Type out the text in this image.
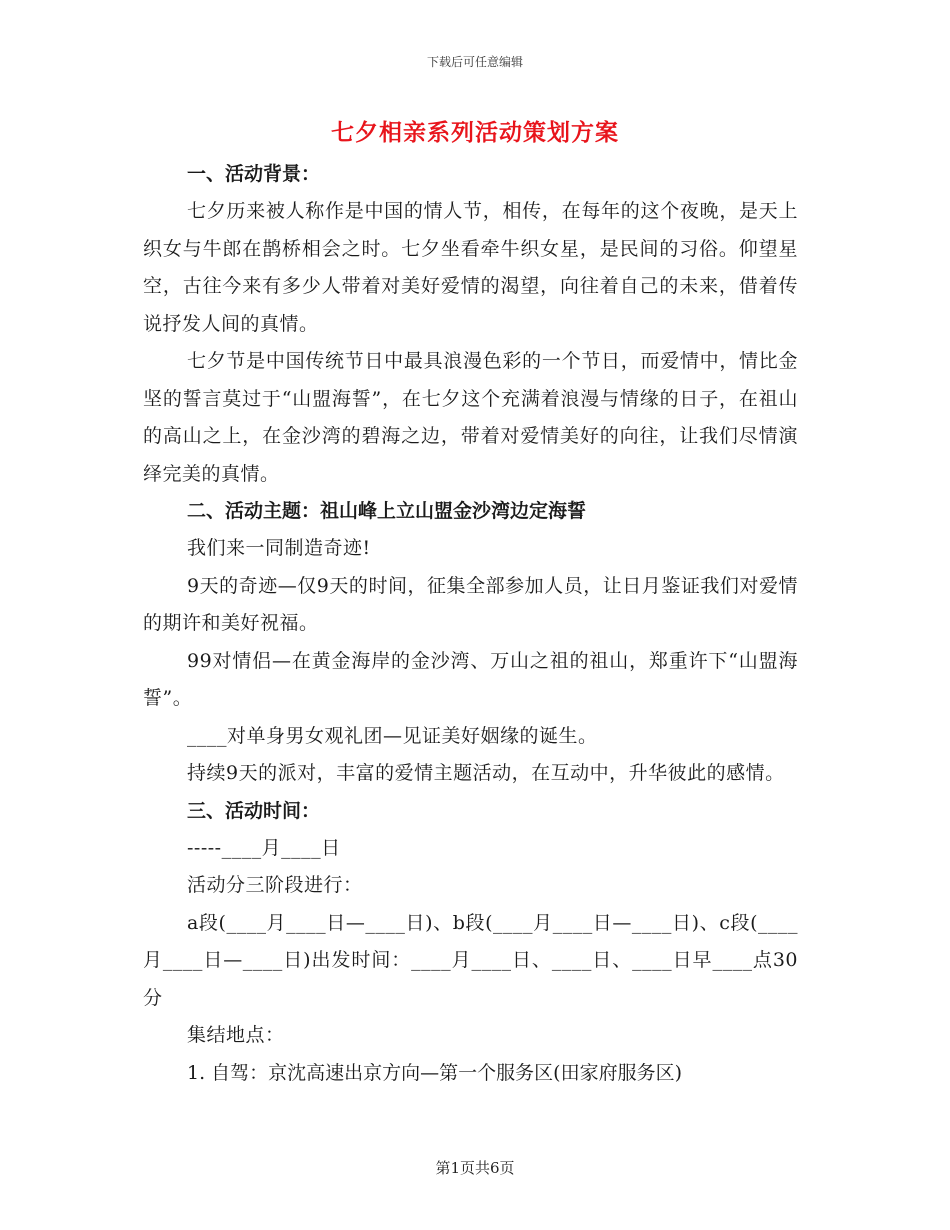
下载后可任意编辑
七夕相亲系列活动策划方案

一、活动背景：

七夕历来被人称作是中国的情人节，相传，在每年的这个夜晚，是天上织女与牛郎在鹊桥相会之时。七夕坐看牵牛织女星，是民间的习俗。仰望星空，古往今来有多少人带着对美好爱情的渴望，向往着自己的未来，借着传说抒发人间的真情。

七夕节是中国传统节日中最具浪漫色彩的一个节日，而爱情中，情比金坚的誓言莫过于“山盟海誓”，在七夕这个充满着浪漫与情缘的日子，在祖山的高山之上，在金沙湾的碧海之边，带着对爱情美好的向往，让我们尽情演绎完美的真情。

二、活动主题：祖山峰上立山盟金沙湾边定海誓

我们来一同制造奇迹!

9天的奇迹—仅9天的时间，征集全部参加人员，让日月鉴证我们对爱情的期许和美好祝福。

99对情侣—在黄金海岸的金沙湾、万山之祖的祖山，郑重许下“山盟海誓”。

____对单身男女观礼团—见证美好姻缘的诞生。

持续9天的派对，丰富的爱情主题活动，在互动中，升华彼此的感情。

三、活动时间：

-----____月____日

活动分三阶段进行：

a段(____月____日—____日)、b段(____月____日—____日)、c段(____月____日—____日)出发时间：____月____日、____日、____日早____点30分

集结地点：

1. 自驾：京沈高速出京方向—第一个服务区(田家府服务区)

第1页共6页
